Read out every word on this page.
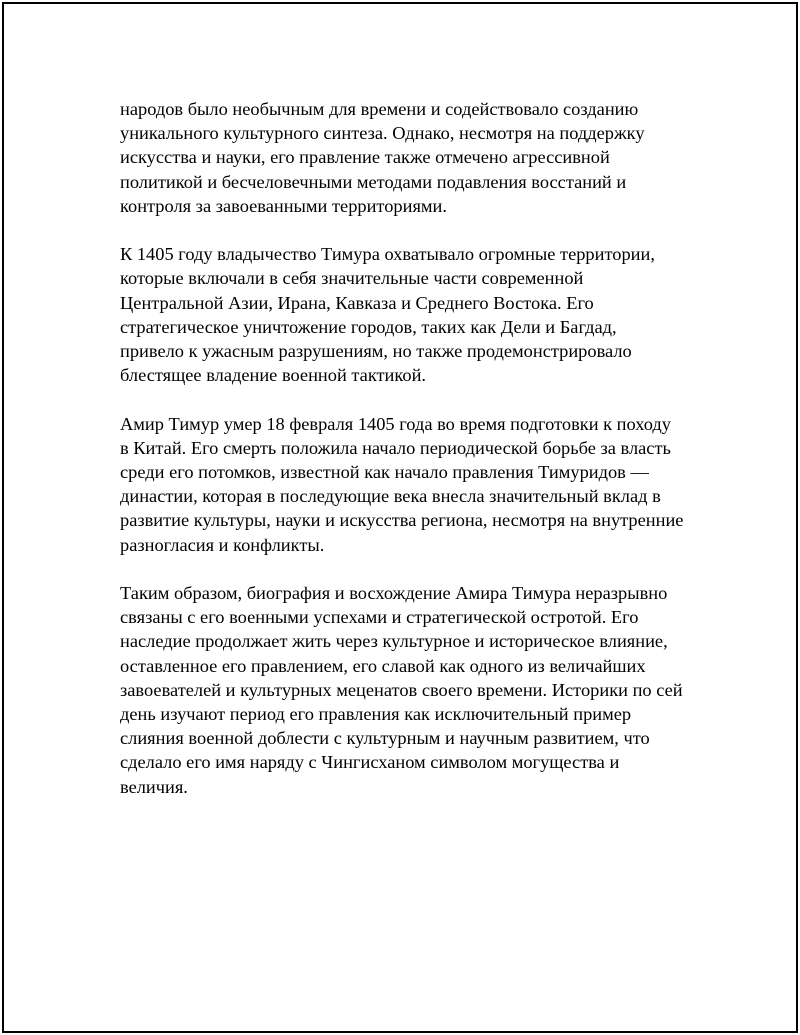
народов было необычным для времени и содействовало созданию
уникального культурного синтеза. Однако, несмотря на поддержку
искусства и науки, его правление также отмечено агрессивной
политикой и бесчеловечными методами подавления восстаний и
контроля за завоеванными территориями.

К 1405 году владычество Тимура охватывало огромные территории,
которые включали в себя значительные части современной
Центральной Азии, Ирана, Кавказа и Среднего Востока. Его
стратегическое уничтожение городов, таких как Дели и Багдад,
привело к ужасным разрушениям, но также продемонстрировало
блестящее владение военной тактикой.

Амир Тимур умер 18 февраля 1405 года во время подготовки к походу
в Китай. Его смерть положила начало периодической борьбе за власть
среди его потомков, известной как начало правления Тимуридов —
династии, которая в последующие века внесла значительный вклад в
развитие культуры, науки и искусства региона, несмотря на внутренние
разногласия и конфликты.

Таким образом, биография и восхождение Амира Тимура неразрывно
связаны с его военными успехами и стратегической остротой. Его
наследие продолжает жить через культурное и историческое влияние,
оставленное его правлением, его славой как одного из величайших
завоевателей и культурных меценатов своего времени. Историки по сей
день изучают период его правления как исключительный пример
слияния военной доблести с культурным и научным развитием, что
сделало его имя наряду с Чингисханом символом могущества и
величия.
